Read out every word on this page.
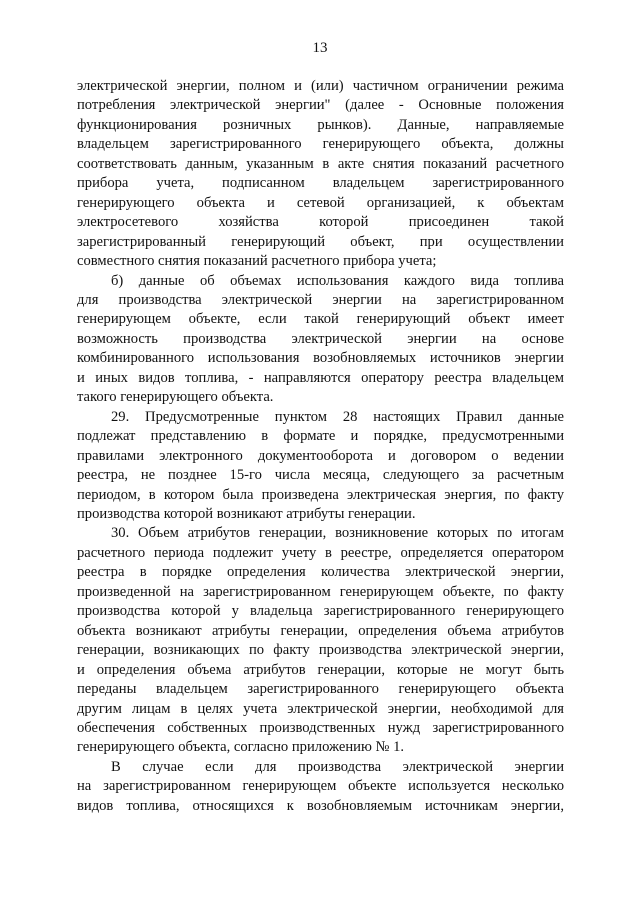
13

электрической энергии, полном и (или) частичном ограничении режима
потребления электрической энергии" (далее - Основные положения
функционирования розничных рынков). Данные, направляемые
владельцем зарегистрированного генерирующего объекта, должны
соответствовать данным, указанным в акте снятия показаний расчетного
прибора учета, подписанном владельцем зарегистрированного
генерирующего объекта и сетевой организацией, к объектам
электросетевого хозяйства которой присоединен такой
зарегистрированный генерирующий объект, при осуществлении
совместного снятия показаний расчетного прибора учета;

б) данные об объемах использования каждого вида топлива
для производства электрической энергии на зарегистрированном
генерирующем объекте, если такой генерирующий объект имеет
возможность производства электрической энергии на основе
комбинированного использования возобновляемых источников энергии
и иных видов топлива, - направляются оператору реестра владельцем
такого генерирующего объекта.

29. Предусмотренные пунктом 28 настоящих Правил данные
подлежат представлению в формате и порядке, предусмотренными
правилами электронного документооборота и договором о ведении
реестра, не позднее 15-го числа месяца, следующего за расчетным
периодом, в котором была произведена электрическая энергия, по факту
производства которой возникают атрибуты генерации.

30. Объем атрибутов генерации, возникновение которых по итогам
расчетного периода подлежит учету в реестре, определяется оператором
реестра в порядке определения количества электрической энергии,
произведенной на зарегистрированном генерирующем объекте, по факту
производства которой у владельца зарегистрированного генерирующего
объекта возникают атрибуты генерации, определения объема атрибутов
генерации, возникающих по факту производства электрической энергии,
и определения объема атрибутов генерации, которые не могут быть
переданы владельцем зарегистрированного генерирующего объекта
другим лицам в целях учета электрической энергии, необходимой для
обеспечения собственных производственных нужд зарегистрированного
генерирующего объекта, согласно приложению № 1.

В случае если для производства электрической энергии
на зарегистрированном генерирующем объекте используется несколько
видов топлива, относящихся к возобновляемым источникам энергии,
